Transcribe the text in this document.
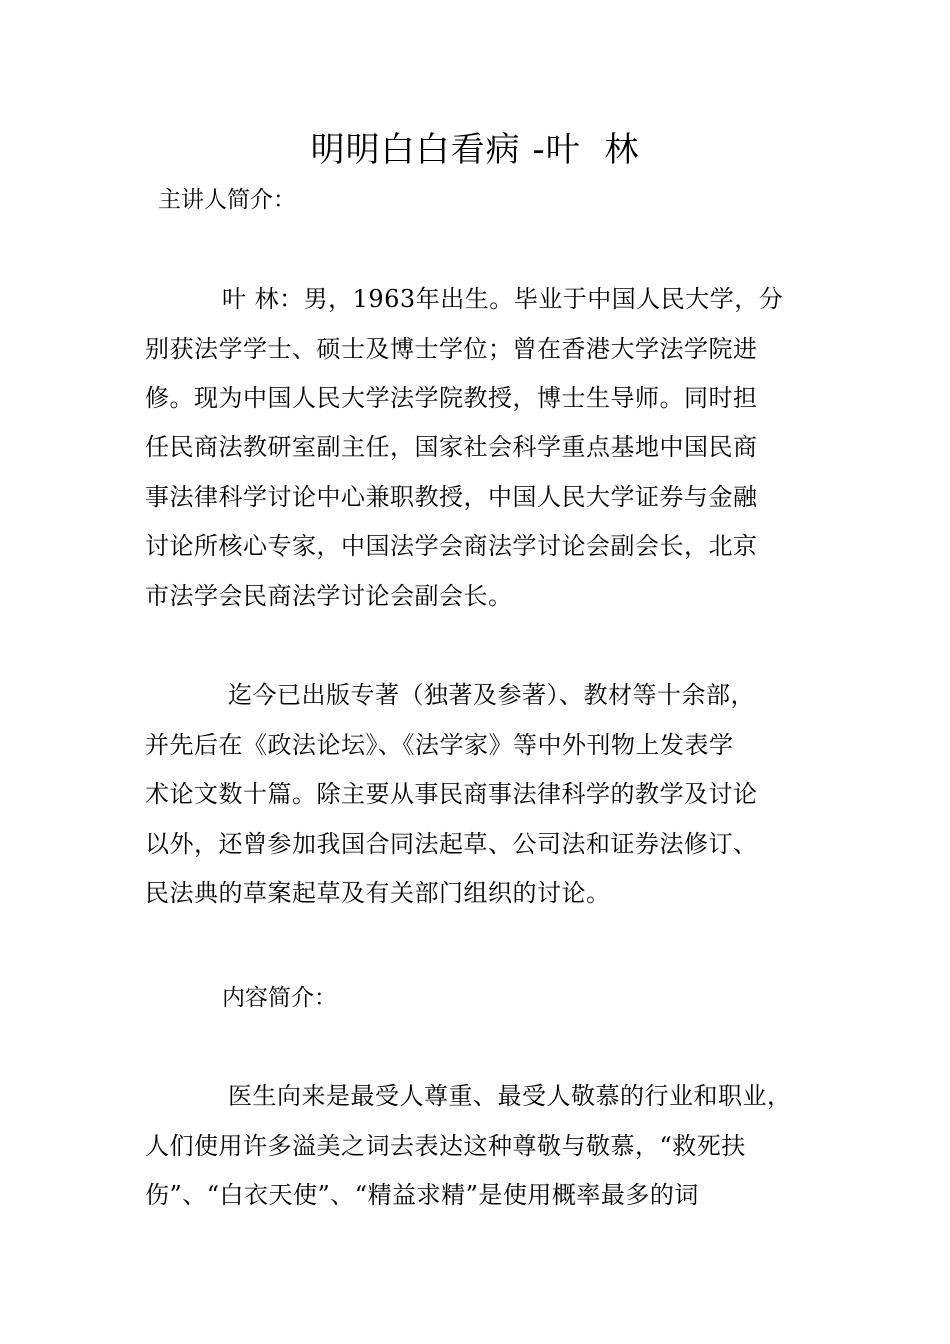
明明白白看病 -叶  林
主讲人简介：
叶 林：男，1963年出生。毕业于中国人民大学，分
别获法学学士、硕士及博士学位；曾在香港大学法学院进
修。现为中国人民大学法学院教授，博士生导师。同时担
任民商法教研室副主任，国家社会科学重点基地中国民商
事法律科学讨论中心兼职教授，中国人民大学证券与金融
讨论所核心专家，中国法学会商法学讨论会副会长，北京
市法学会民商法学讨论会副会长。
迄今已出版专著（独著及参著）、教材等十余部，
并先后在《政法论坛》、《法学家》等中外刊物上发表学
术论文数十篇。除主要从事民商事法律科学的教学及讨论
以外，还曾参加我国合同法起草、公司法和证券法修订、
民法典的草案起草及有关部门组织的讨论。
内容简介：
医生向来是最受人尊重、最受人敬慕的行业和职业，
人们使用许多溢美之词去表达这种尊敬与敬慕，“救死扶
伤”、“白衣天使”、“精益求精”是使用概率最多的词
